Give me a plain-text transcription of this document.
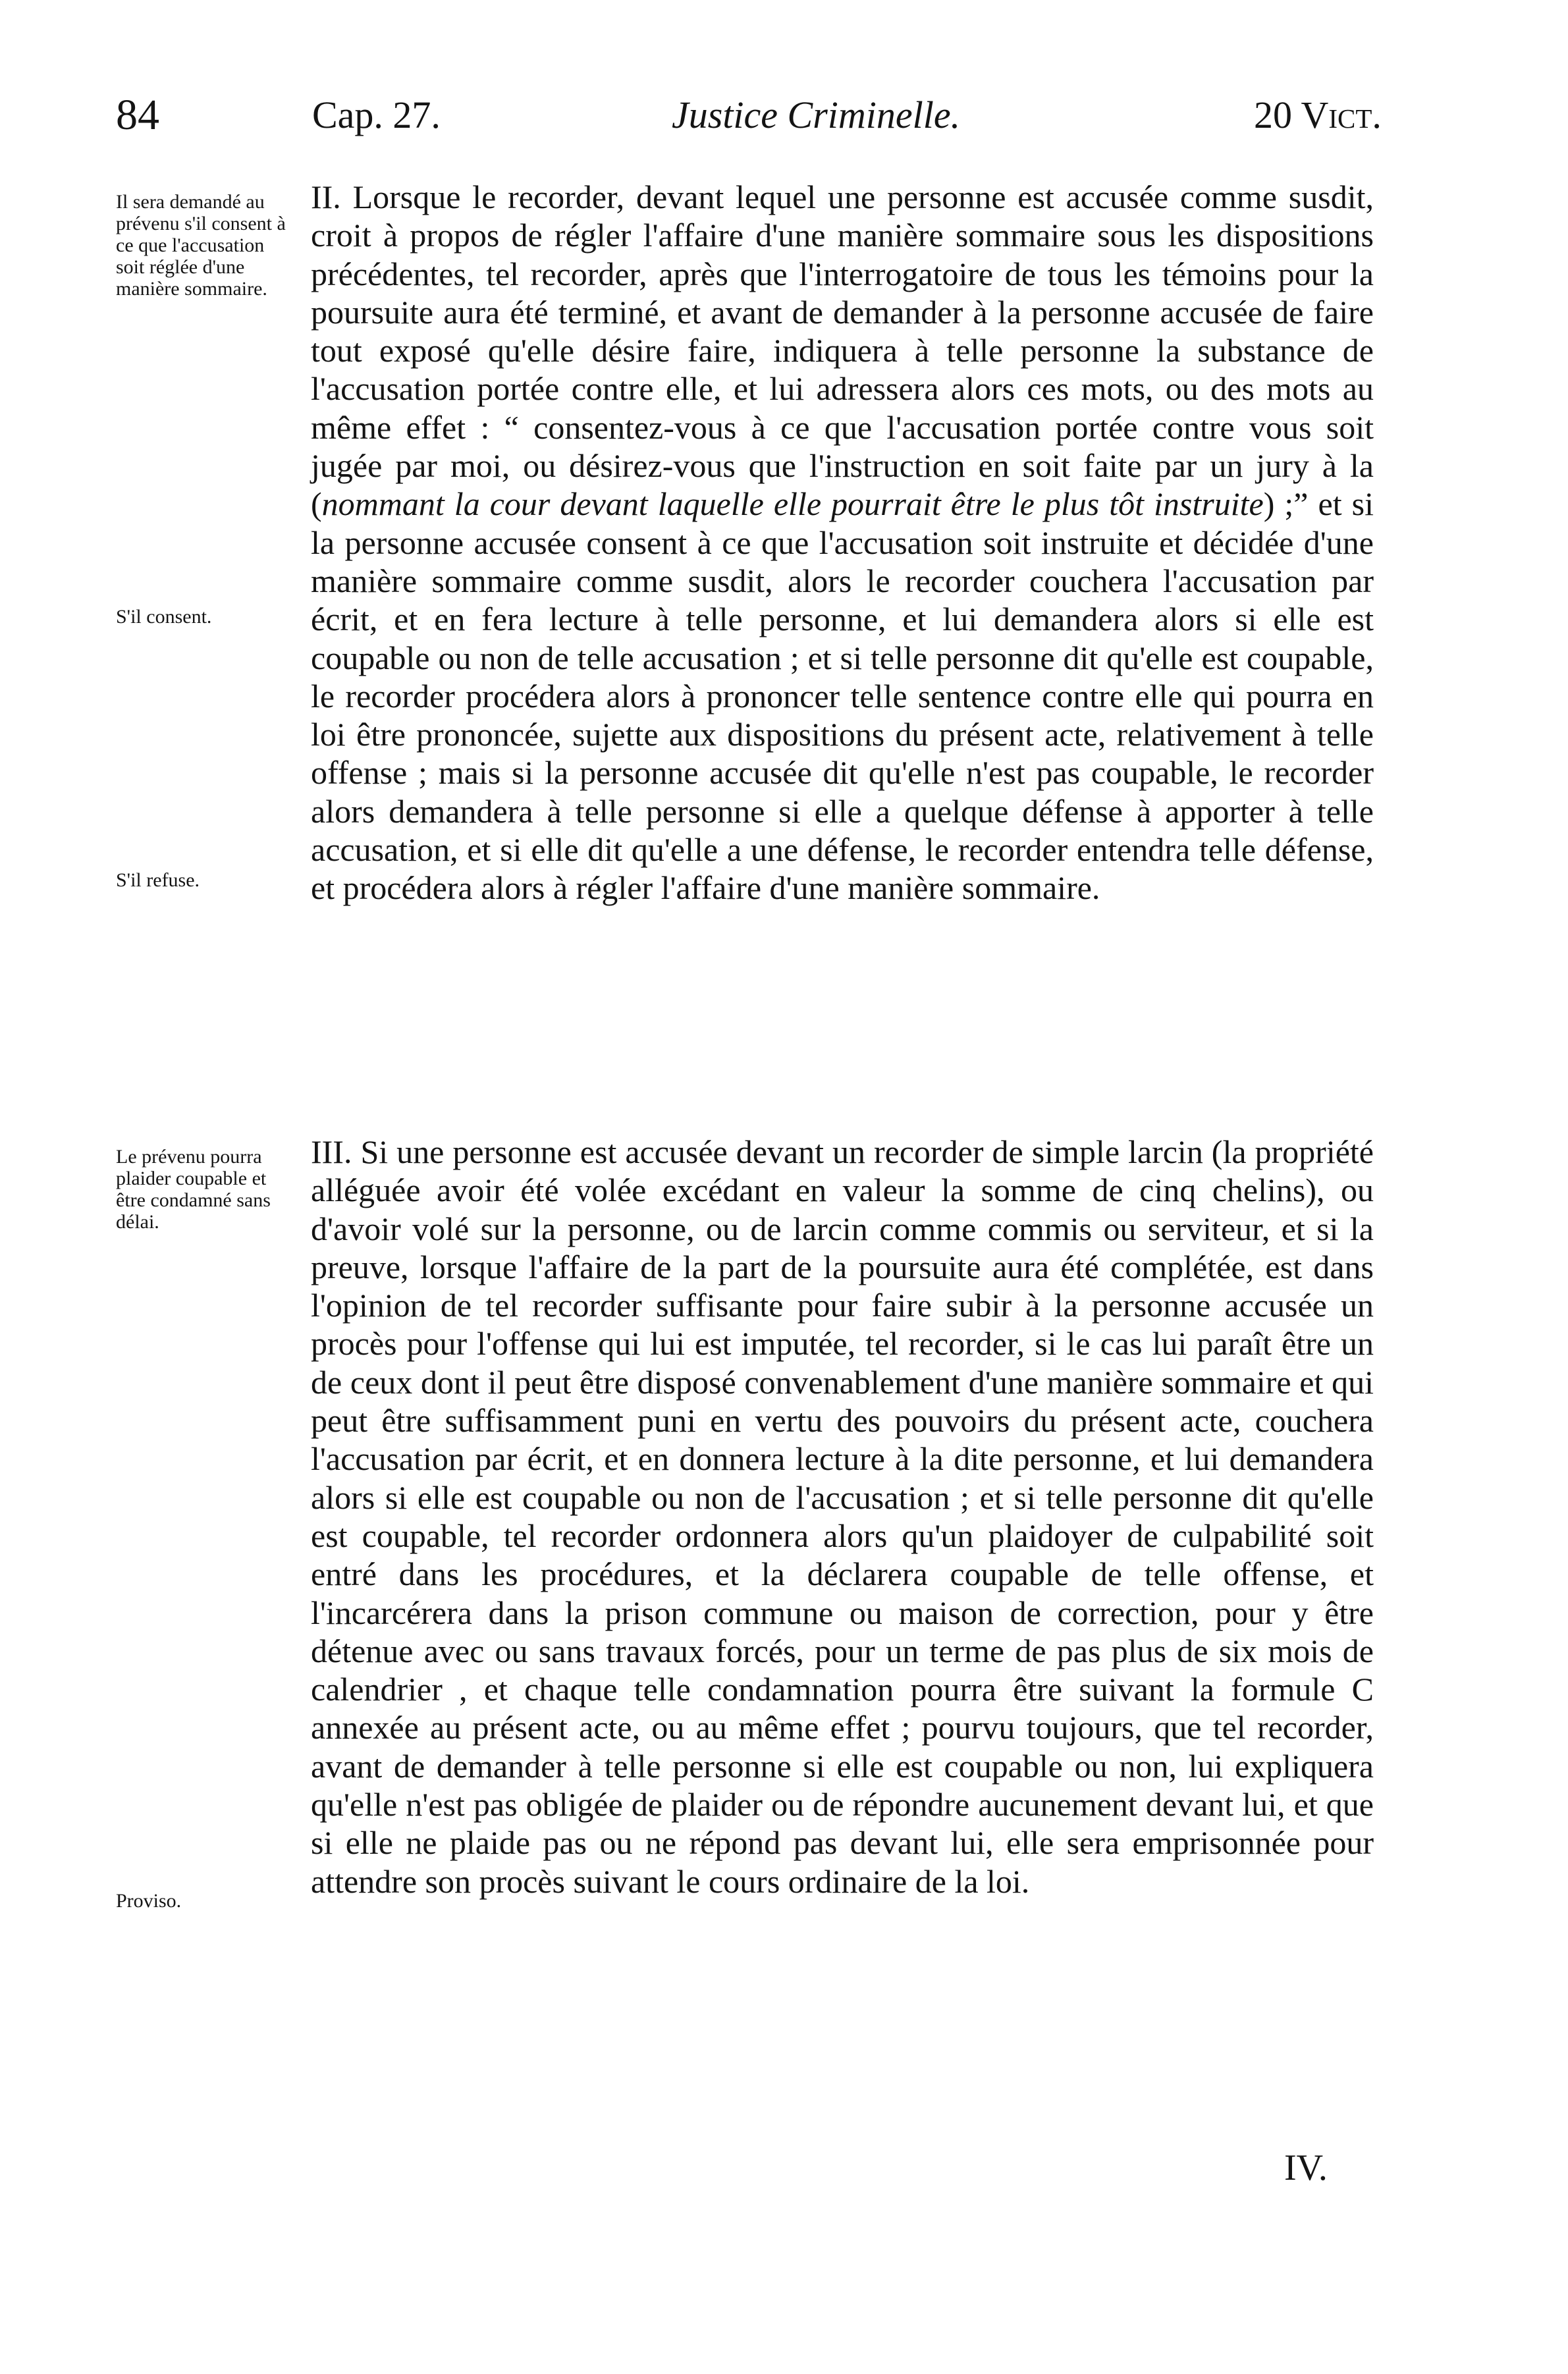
84	Cap. 27.	Justice Criminelle.	20 Vict.
Il sera demandé au prévenu s'il consent à ce que l'accusation soit réglée d'une manière sommaire.
S'il consent.
S'il refuse.
Le prévenu pourra plaider coupable et être condamné sans délai.
Proviso.

II. Lorsque le recorder, devant lequel une personne est accusée comme susdit, croit à propos de régler l'affaire d'une manière sommaire sous les dispositions précédentes, tel recorder, après que l'interrogatoire de tous les témoins pour la poursuite aura été terminé, et avant de demander à la personne accusée de faire tout exposé qu'elle désire faire, indiquera à telle personne la substance de l'accusation portée contre elle, et lui adressera alors ces mots, ou des mots au même effet : “ consentez-vous à ce que l'accusation portée contre vous soit jugée par moi, ou désirez-vous que l'instruction en soit faite par un jury à la (nommant la cour devant laquelle elle pourrait être le plus tôt instruite) ;” et si la personne accusée consent à ce que l'accusation soit instruite et décidée d'une manière sommaire comme susdit, alors le recorder couchera l'accusation par écrit, et en fera lecture à telle personne, et lui demandera alors si elle est coupable ou non de telle accusation ; et si telle personne dit qu'elle est coupable, le recorder procédera alors à prononcer telle sentence contre elle qui pourra en loi être prononcée, sujette aux dispositions du présent acte, relativement à telle offense ; mais si la personne accusée dit qu'elle n'est pas coupable, le recorder alors demandera à telle personne si elle a quelque défense à apporter à telle accusation, et si elle dit qu'elle a une défense, le recorder entendra telle défense, et procédera alors à régler l'affaire d'une manière sommaire.

III. Si une personne est accusée devant un recorder de simple larcin (la propriété alléguée avoir été volée excédant en valeur la somme de cinq chelins), ou d'avoir volé sur la personne, ou de larcin comme commis ou serviteur, et si la preuve, lorsque l'affaire de la part de la poursuite aura été complétée, est dans l'opinion de tel recorder suffisante pour faire subir à la personne accusée un procès pour l'offense qui lui est imputée, tel recorder, si le cas lui paraît être un de ceux dont il peut être disposé convenablement d'une manière sommaire et qui peut être suffisamment puni en vertu des pouvoirs du présent acte, couchera l'accusation par écrit, et en donnera lecture à la dite personne, et lui demandera alors si elle est coupable ou non de l'accusation ; et si telle personne dit qu'elle est coupable, tel recorder ordonnera alors qu'un plaidoyer de culpabilité soit entré dans les procédures, et la déclarera coupable de telle offense, et l'incarcérera dans la prison commune ou maison de correction, pour y être détenue avec ou sans travaux forcés, pour un terme de pas plus de six mois de calendrier , et chaque telle condamnation pourra être suivant la formule C annexée au présent acte, ou au même effet ; pourvu toujours, que tel recorder, avant de demander à telle personne si elle est coupable ou non, lui expliquera qu'elle n'est pas obligée de plaider ou de répondre aucunement devant lui, et que si elle ne plaide pas ou ne répond pas devant lui, elle sera emprisonnée pour attendre son procès suivant le cours ordinaire de la loi.

IV.
